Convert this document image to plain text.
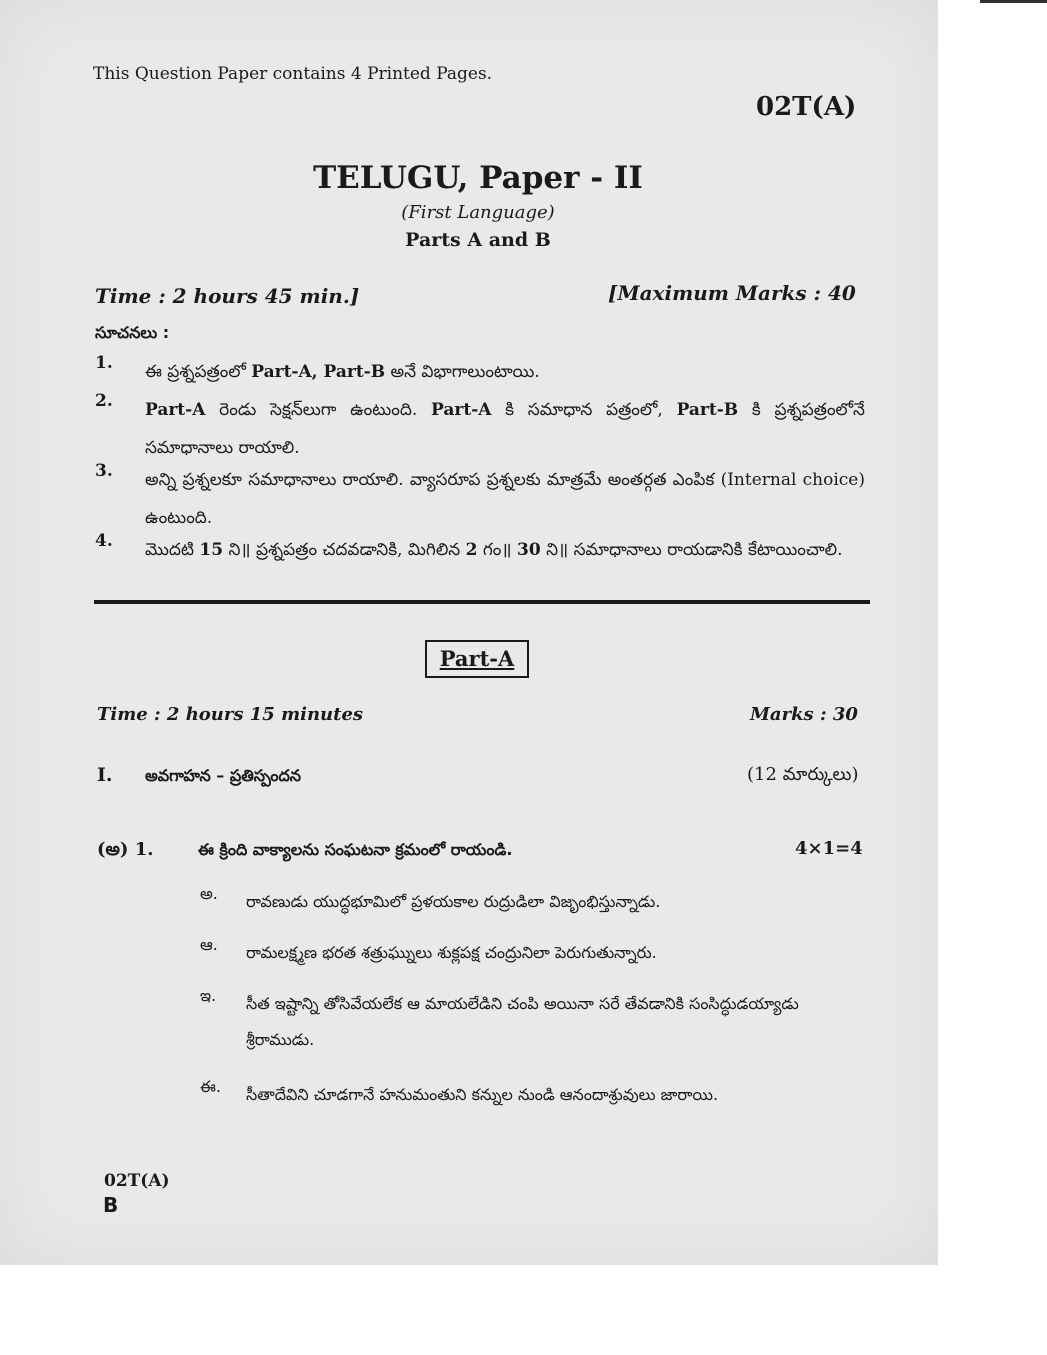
This Question Paper contains 4 Printed Pages.
02T(A)
TELUGU, Paper - II
(First Language)
Parts A and B
Time : 2 hours 45 min.]	[Maximum Marks : 40
సూచనలు :
1. ఈ ప్రశ్నపత్రంలో Part-A, Part-B అనే విభాగాలుంటాయి.
2. Part-A రెండు సెక్షన్‌లుగా ఉంటుంది. Part-A కి సమాధాన పత్రంలో, Part-B కి ప్రశ్నపత్రంలోనే సమాధానాలు రాయాలి.
3. అన్ని ప్రశ్నలకూ సమాధానాలు రాయాలి. వ్యాసరూప ప్రశ్నలకు మాత్రమే అంతర్గత ఎంపిక (Internal choice) ఉంటుంది.
4. మొదటి 15 ని॥ ప్రశ్నపత్రం చదవడానికి, మిగిలిన 2 గం॥ 30 ని॥ సమాధానాలు రాయడానికి కేటాయించాలి.
Part-A
Time : 2 hours 15 minutes	Marks : 30
I. అవగాహన – ప్రతిస్పందన	(12 మార్కులు)
(అ) 1.	ఈ క్రింది వాక్యాలను సంఘటనా క్రమంలో రాయండి.	4×1=4
అ. రావణుడు యుద్ధభూమిలో ప్రళయకాల రుద్రుడిలా విజృంభిస్తున్నాడు.
ఆ. రామలక్ష్మణ భరత శత్రుఘ్నులు శుక్లపక్ష చంద్రునిలా పెరుగుతున్నారు.
ఇ. సీత ఇష్టాన్ని తోసివేయలేక ఆ మాయలేడిని చంపి అయినా సరే తేవడానికి సంసిద్ధుడయ్యాడు శ్రీరాముడు.
ఈ. సీతాదేవిని చూడగానే హనుమంతుని కన్నుల నుండి ఆనందాశ్రువులు జారాయి.
02T(A)
B
